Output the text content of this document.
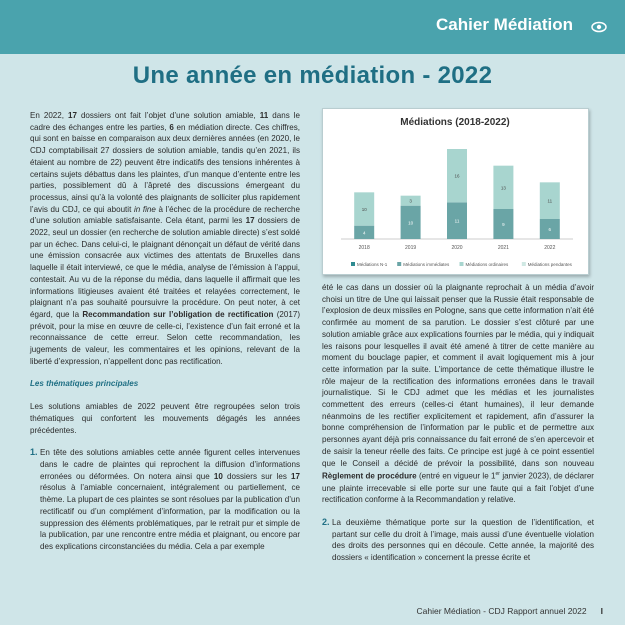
Cahier Médiation
Une année en médiation - 2022

En 2022, 17 dossiers ont fait l’objet d’une solution amiable, 11 dans le cadre des échanges entre les parties, 6 en médiation directe. Ces chiffres, qui sont en baisse en comparaison aux deux dernières années (en 2020, le CDJ comptabilisait 27 dossiers de solution amiable, tandis qu’en 2021, ils étaient au nombre de 22) peuvent être indicatifs des tensions inhérentes à certains sujets débattus dans les plaintes, d’un manque d’entente entre les parties, possiblement dû à l’âpreté des discussions émergeant du processus, ainsi qu’à la volonté des plaignants de solliciter plus rapidement l’avis du CDJ, ce qui aboutit in fine à l’échec de la procédure de recherche d’une solution amiable satisfaisante. Cela étant, parmi les 17 dossiers de 2022, seul un dossier (en recherche de solution amiable directe) s’est soldé par un échec. Dans celui-ci, le plaignant dénonçait un défaut de vérité dans une émission consacrée aux victimes des attentats de Bruxelles dans laquelle il était interviewé, ce que le média, analyse de l’émission à l’appui, contestait. Au vu de la réponse du média, dans laquelle il affirmait que les informations litigieuses avaient été traitées et relayées correctement, le plaignant n’a pas souhaité poursuivre la procédure. On peut noter, à cet égard, que la Recommandation sur l’obligation de rectification (2017) prévoit, pour la mise en œuvre de celle-ci, l’existence d’un fait erroné et la reconnaissance de cette erreur. Selon cette recommandation, les jugements de valeur, les commentaires et les opinions, relevant de la liberté d’expression, n’appellent donc pas rectification.

Les thématiques principales

Les solutions amiables de 2022 peuvent être regroupées selon trois thématiques qui confortent les mouvements dégagés les années précédentes.

1. En tête des solutions amiables cette année figurent celles intervenues dans le cadre de plaintes qui reprochent la diffusion d’informations erronées ou déformées. On notera ainsi que 10 dossiers sur les 17 résolus à l’amiable concernaient, intégralement ou partiellement, ce thème. La plupart de ces plaintes se sont résolues par la publication d’un rectificatif ou d’un complément d’information, par la modification ou la suppression des éléments problématiques, par le retrait pur et simple de la publication, par une rencontre entre média et plaignant, ou encore par des explications circonstanciées du média. Cela a par exemple
Médiations (2018-2022)
4
10
2018
10
3
2019
11
16
2020
9
13
2021
6
11
2022
Médiations N-1	Médiations immédiates	Médiations ordinaires	Médiations pendantes

été le cas dans un dossier où la plaignante reprochait à un média d’avoir choisi un titre de Une qui laissait penser que la Russie était responsable de l’explosion de deux missiles en Pologne, sans que cette information n’ait été confirmée au moment de sa parution. Le dossier s’est clôturé par une solution amiable grâce aux explications fournies par le média, qui y indiquait les raisons pour lesquelles il avait été amené à titrer de cette manière au moment du bouclage papier, et comment il avait logiquement mis à jour cette information par la suite. L’importance de cette thématique illustre le rôle majeur de la rectification des informations erronées dans le travail journalistique. Si le CDJ admet que les médias et les journalistes commettent des erreurs (celles-ci étant humaines), il leur demande néanmoins de les rectifier explicitement et rapidement, afin d’assurer la bonne compréhension de l’information par le public et de permettre aux personnes ayant déjà pris connaissance du fait erroné de s’en apercevoir et de saisir la teneur réelle des faits. Ce principe est jugé à ce point essentiel que le Conseil a décidé de prévoir la possibilité, dans son nouveau Règlement de procédure (entré en vigueur le 1er janvier 2023), de déclarer une plainte irrecevable si elle porte sur une faute qui a fait l’objet d’une rectification conforme à la Recommandation y relative.

2. La deuxième thématique porte sur la question de l’identification, et partant sur celle du droit à l’image, mais aussi d’une éventuelle violation des droits des personnes qui en découle. Cette année, la majorité des dossiers « identification » concernent la presse écrite et
Cahier Médiation - CDJ Rapport annuel 2022 I
